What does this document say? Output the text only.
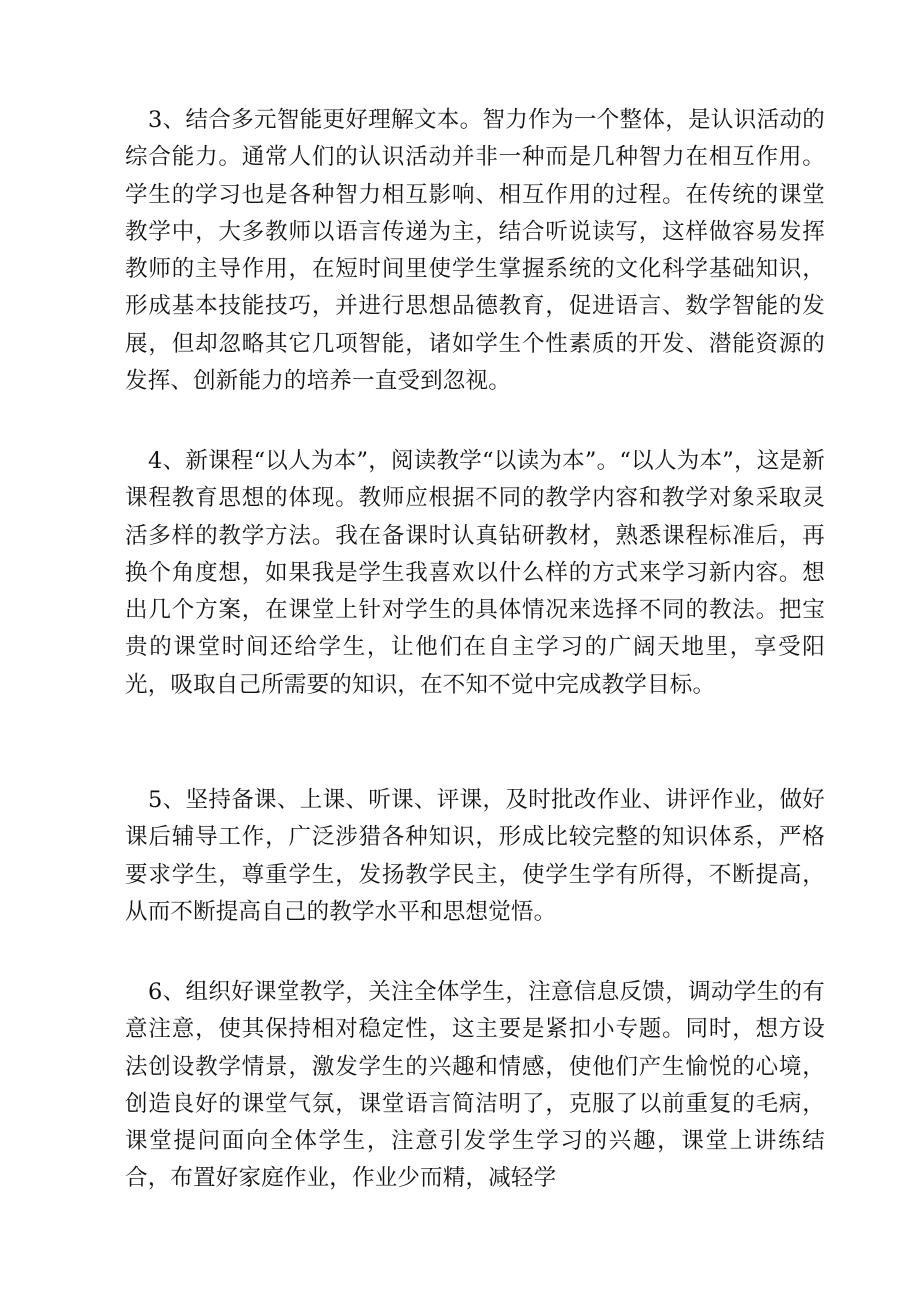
3、结合多元智能更好理解文本。智力作为一个整体，是认识活动的综合能力。通常人们的认识活动并非一种而是几种智力在相互作用。学生的学习也是各种智力相互影响、相互作用的过程。在传统的课堂教学中，大多教师以语言传递为主，结合听说读写，这样做容易发挥教师的主导作用，在短时间里使学生掌握系统的文化科学基础知识，形成基本技能技巧，并进行思想品德教育，促进语言、数学智能的发展，但却忽略其它几项智能，诸如学生个性素质的开发、潜能资源的发挥、创新能力的培养一直受到忽视。

4、新课程“以人为本”，阅读教学“以读为本”。“以人为本”，这是新课程教育思想的体现。教师应根据不同的教学内容和教学对象采取灵活多样的教学方法。我在备课时认真钻研教材，熟悉课程标准后，再换个角度想，如果我是学生我喜欢以什么样的方式来学习新内容。想出几个方案，在课堂上针对学生的具体情况来选择不同的教法。把宝贵的课堂时间还给学生，让他们在自主学习的广阔天地里，享受阳光，吸取自己所需要的知识，在不知不觉中完成教学目标。

5、坚持备课、上课、听课、评课，及时批改作业、讲评作业，做好课后辅导工作，广泛涉猎各种知识，形成比较完整的知识体系，严格要求学生，尊重学生，发扬教学民主，使学生学有所得，不断提高，从而不断提高自己的教学水平和思想觉悟。

6、组织好课堂教学，关注全体学生，注意信息反馈，调动学生的有意注意，使其保持相对稳定性，这主要是紧扣小专题。同时，想方设法创设教学情景，激发学生的兴趣和情感，使他们产生愉悦的心境，创造良好的课堂气氛，课堂语言简洁明了，克服了以前重复的毛病，课堂提问面向全体学生，注意引发学生学习的兴趣，课堂上讲练结合，布置好家庭作业，作业少而精，减轻学
